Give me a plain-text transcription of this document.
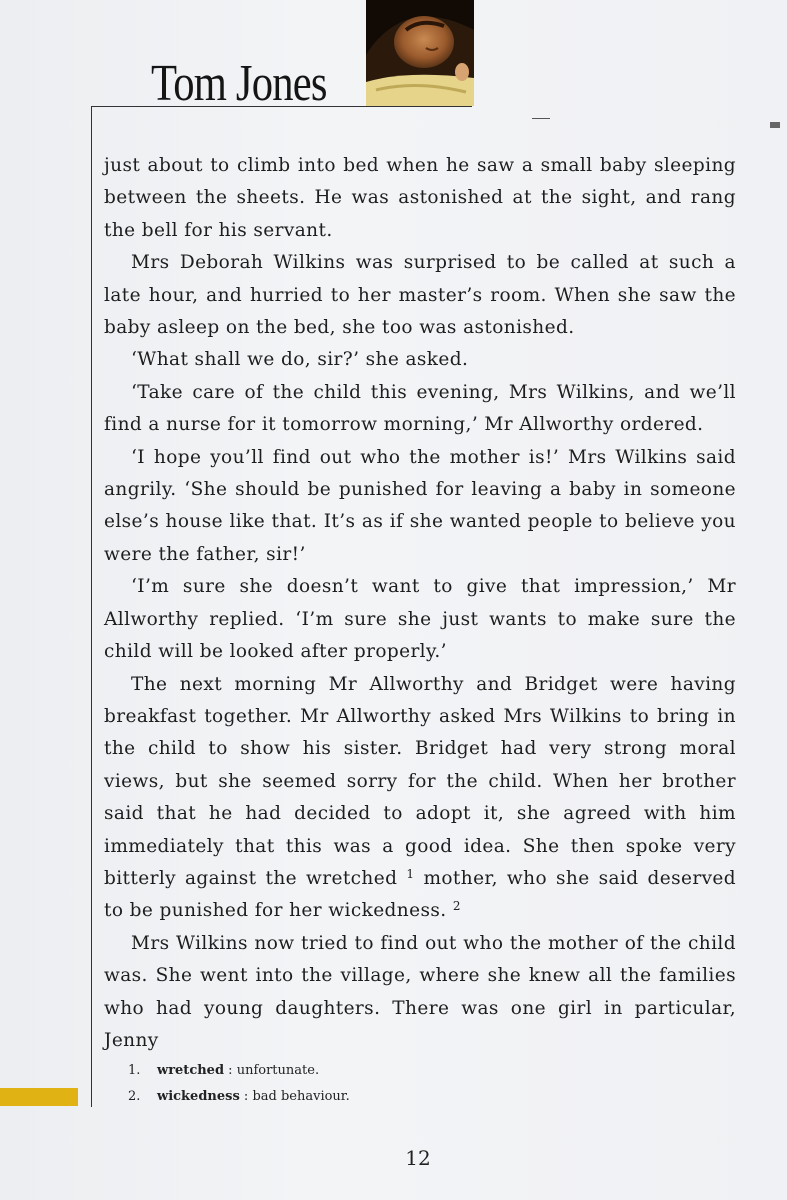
Tom Jones

just about to climb into bed when he saw a small baby sleeping between the sheets. He was astonished at the sight, and rang the bell for his servant.

Mrs Deborah Wilkins was surprised to be called at such a late hour, and hurried to her master’s room. When she saw the baby asleep on the bed, she too was astonished.

‘What shall we do, sir?’ she asked.

‘Take care of the child this evening, Mrs Wilkins, and we’ll find a nurse for it tomorrow morning,’ Mr Allworthy ordered.

‘I hope you’ll find out who the mother is!’ Mrs Wilkins said angrily. ‘She should be punished for leaving a baby in someone else’s house like that. It’s as if she wanted people to believe you were the father, sir!’

‘I’m sure she doesn’t want to give that impression,’ Mr Allworthy replied. ‘I’m sure she just wants to make sure the child will be looked after properly.’

The next morning Mr Allworthy and Bridget were having breakfast together. Mr Allworthy asked Mrs Wilkins to bring in the child to show his sister. Bridget had very strong moral views, but she seemed sorry for the child. When her brother said that he had decided to adopt it, she agreed with him immediately that this was a good idea. She then spoke very bitterly against the wretched $^1$ mother, who she said deserved to be punished for her wickedness. $^2$

Mrs Wilkins now tried to find out who the mother of the child was. She went into the village, where she knew all the families who had young daughters. There was one girl in particular, Jenny

1. wretched : unfortunate.
2. wickedness : bad behaviour.
12
